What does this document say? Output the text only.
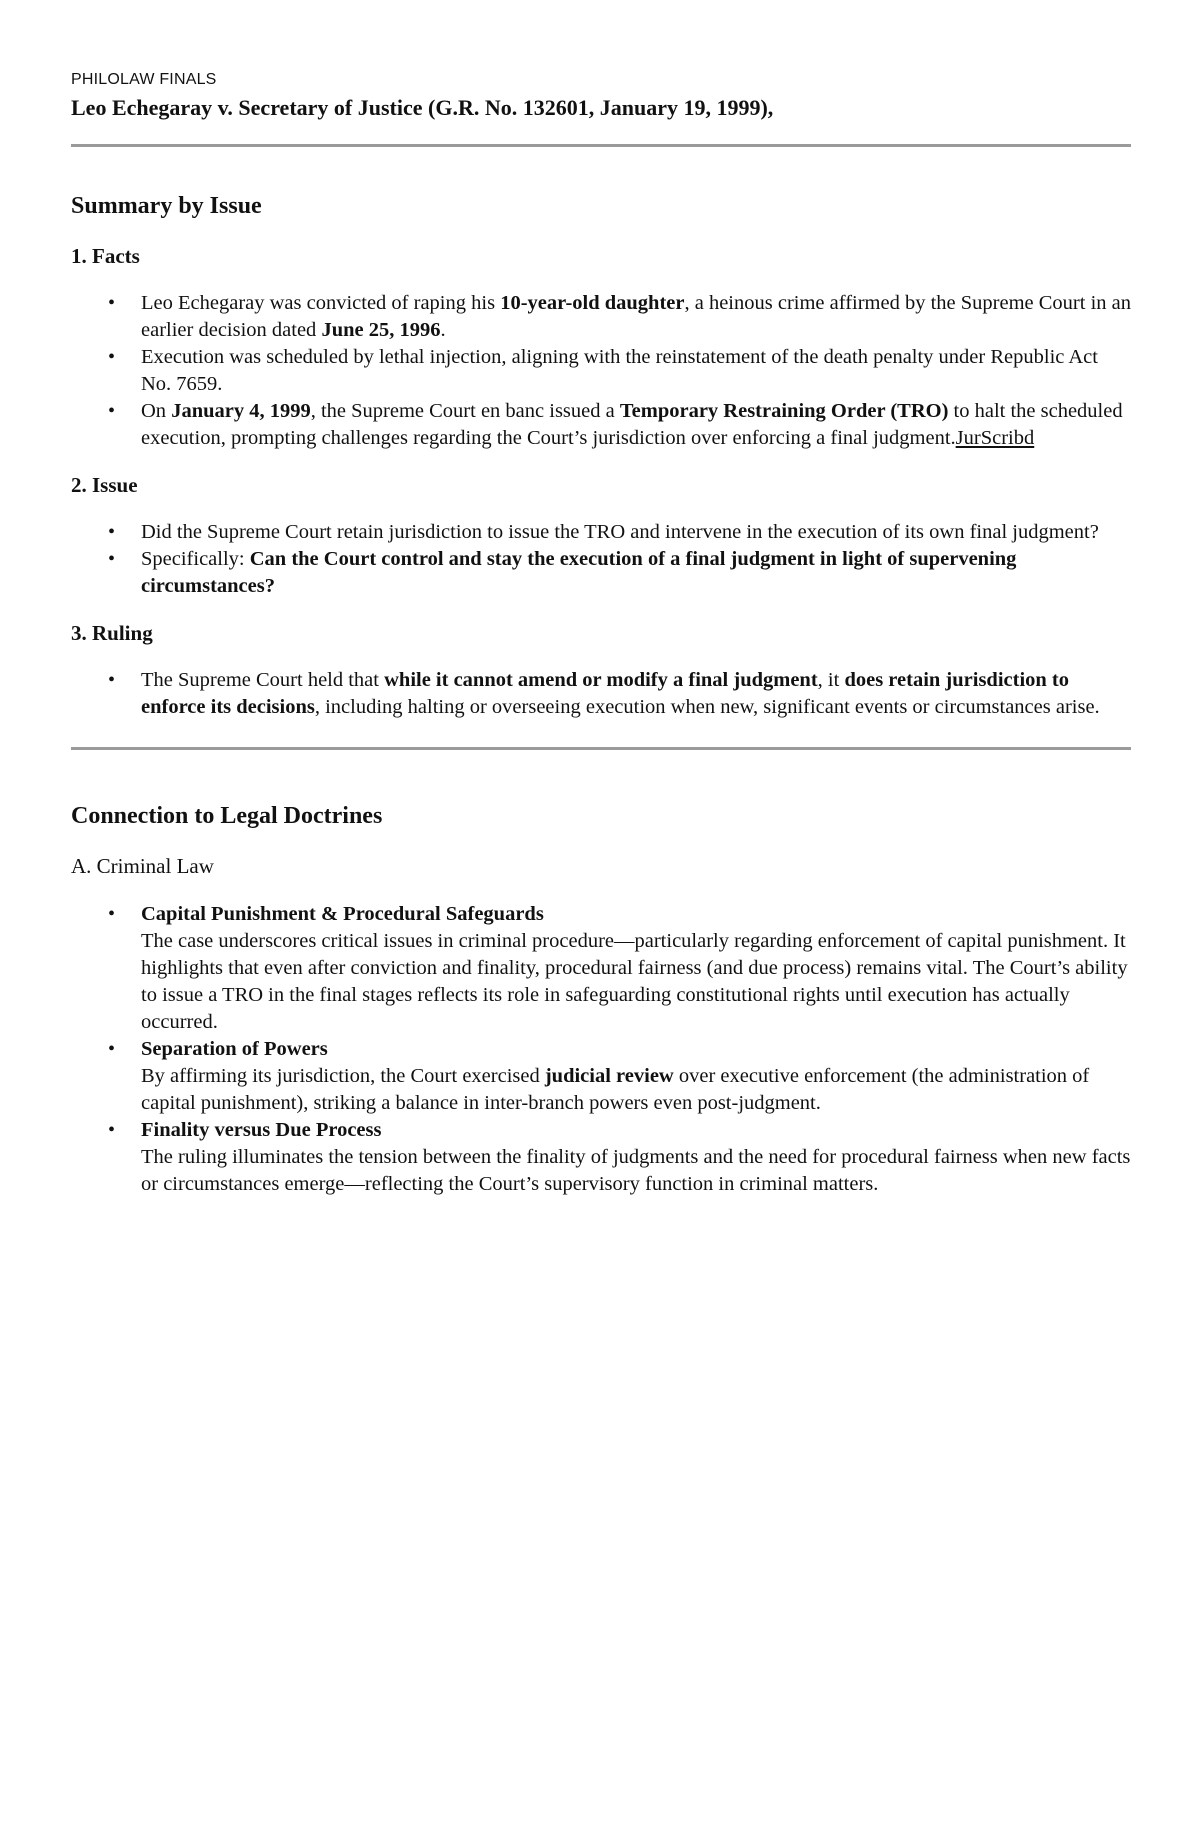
PHILOLAW FINALS

Leo Echegaray v. Secretary of Justice (G.R. No. 132601, January 19, 1999),

Summary by Issue
1. Facts
• Leo Echegaray was convicted of raping his 10-year-old daughter, a heinous crime affirmed by the Supreme Court in an earlier decision dated June 25, 1996.
• Execution was scheduled by lethal injection, aligning with the reinstatement of the death penalty under Republic Act No. 7659.
• On January 4, 1999, the Supreme Court en banc issued a Temporary Restraining Order (TRO) to halt the scheduled execution, prompting challenges regarding the Court’s jurisdiction over enforcing a final judgment.JurScribd
2. Issue
• Did the Supreme Court retain jurisdiction to issue the TRO and intervene in the execution of its own final judgment?
• Specifically: Can the Court control and stay the execution of a final judgment in light of supervening circumstances?
3. Ruling
• The Supreme Court held that while it cannot amend or modify a final judgment, it does retain jurisdiction to enforce its decisions, including halting or overseeing execution when new, significant events or circumstances arise.
Connection to Legal Doctrines
A. Criminal Law
• Capital Punishment & Procedural Safeguards
The case underscores critical issues in criminal procedure—particularly regarding enforcement of capital punishment. It highlights that even after conviction and finality, procedural fairness (and due process) remains vital. The Court’s ability to issue a TRO in the final stages reflects its role in safeguarding constitutional rights until execution has actually occurred.
• Separation of Powers
By affirming its jurisdiction, the Court exercised judicial review over executive enforcement (the administration of capital punishment), striking a balance in inter-branch powers even post-judgment.
• Finality versus Due Process
The ruling illuminates the tension between the finality of judgments and the need for procedural fairness when new facts or circumstances emerge—reflecting the Court’s supervisory function in criminal matters.
